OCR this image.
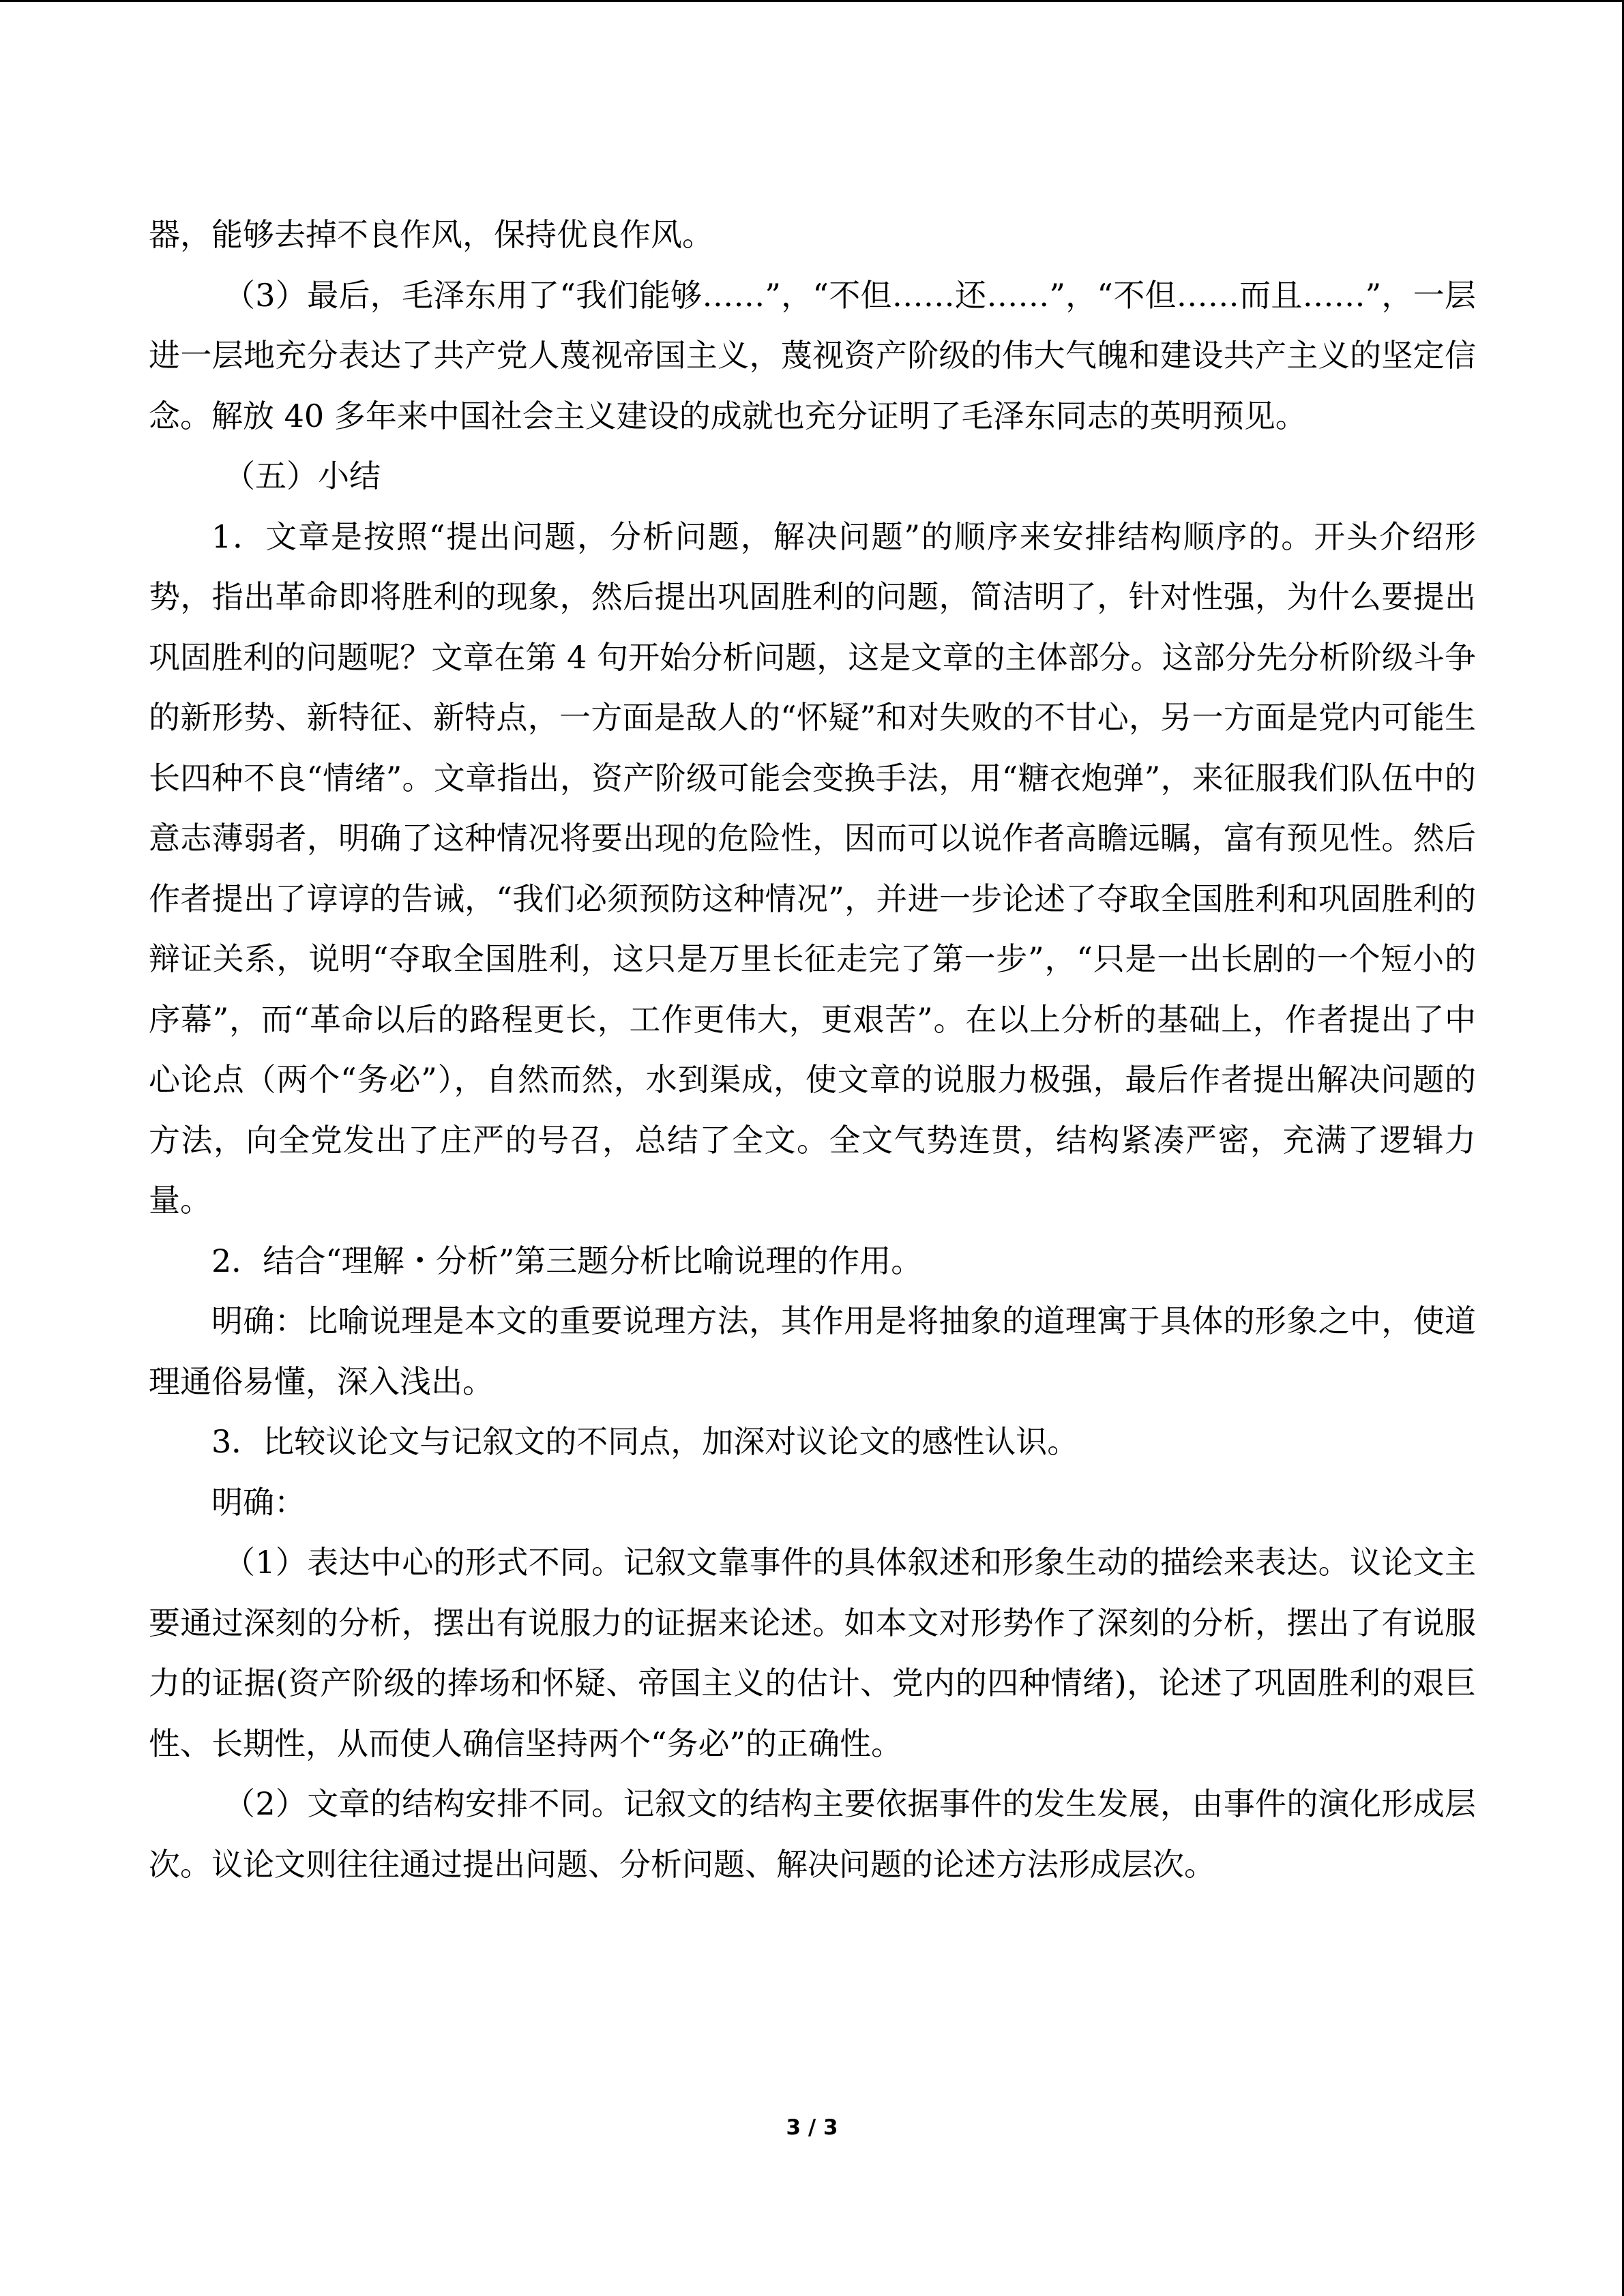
器，能够去掉不良作风，保持优良作风。

（3）最后，毛泽东用了“我们能够……”，“不但……还……”，“不但……而且……”，一层进一层地充分表达了共产党人蔑视帝国主义，蔑视资产阶级的伟大气魄和建设共产主义的坚定信念。解放 40 多年来中国社会主义建设的成就也充分证明了毛泽东同志的英明预见。

（五）小结

1．文章是按照“提出问题，分析问题，解决问题”的顺序来安排结构顺序的。开头介绍形势，指出革命即将胜利的现象，然后提出巩固胜利的问题，简洁明了，针对性强，为什么要提出巩固胜利的问题呢？文章在第 4 句开始分析问题，这是文章的主体部分。这部分先分析阶级斗争的新形势、新特征、新特点，一方面是敌人的“怀疑”和对失败的不甘心，另一方面是党内可能生长四种不良“情绪”。文章指出，资产阶级可能会变换手法，用“糖衣炮弹”，来征服我们队伍中的意志薄弱者，明确了这种情况将要出现的危险性，因而可以说作者高瞻远瞩，富有预见性。然后作者提出了谆谆的告诫，“我们必须预防这种情况”，并进一步论述了夺取全国胜利和巩固胜利的辩证关系，说明“夺取全国胜利，这只是万里长征走完了第一步”，“只是一出长剧的一个短小的序幕”，而“革命以后的路程更长，工作更伟大，更艰苦”。在以上分析的基础上，作者提出了中心论点（两个“务必”），自然而然，水到渠成，使文章的说服力极强，最后作者提出解决问题的方法，向全党发出了庄严的号召，总结了全文。全文气势连贯，结构紧凑严密，充满了逻辑力量。

2．结合“理解・分析”第三题分析比喻说理的作用。

明确：比喻说理是本文的重要说理方法，其作用是将抽象的道理寓于具体的形象之中，使道理通俗易懂，深入浅出。

3．比较议论文与记叙文的不同点，加深对议论文的感性认识。

明确：

（1）表达中心的形式不同。记叙文靠事件的具体叙述和形象生动的描绘来表达。议论文主要通过深刻的分析，摆出有说服力的证据来论述。如本文对形势作了深刻的分析，摆出了有说服力的证据(资产阶级的捧场和怀疑、帝国主义的估计、党内的四种情绪)，论述了巩固胜利的艰巨性、长期性，从而使人确信坚持两个“务必”的正确性。

（2）文章的结构安排不同。记叙文的结构主要依据事件的发生发展，由事件的演化形成层次。议论文则往往通过提出问题、分析问题、解决问题的论述方法形成层次。

3 / 3
